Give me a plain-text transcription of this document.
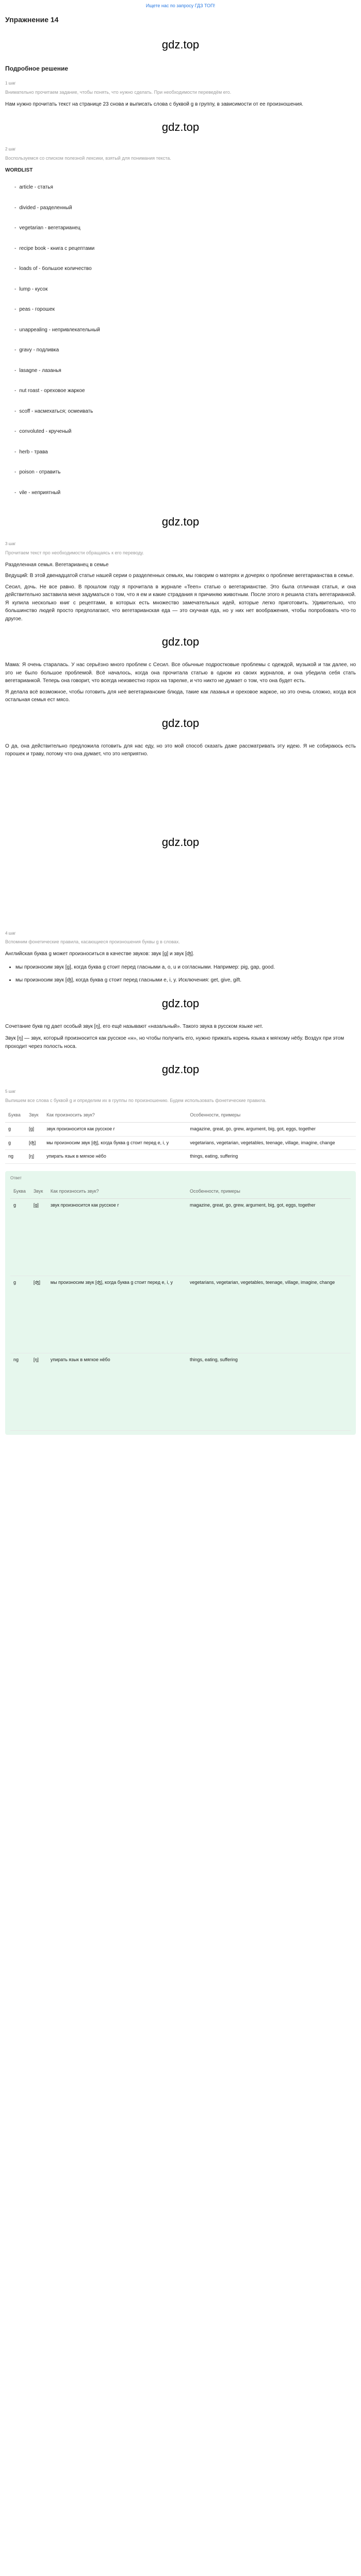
Ищете нас по запросу ГДЗ ТОП!
Упражнение 14
gdz.top
Подробное решение
1 шаг
Внимательно прочитаем задание, чтобы понять, что нужно сделать. При необходимости переведём его.

Нам нужно прочитать текст на странице 23 снова и выписать слова с буквой g в группу, в зависимости от ее произношения.

gdz.top
2 шаг
Воспользуемся со списком полезной лексики, взятый для понимания текста.
WORDLIST
- article - статья
- divided - разделенный
- vegetarian - вегетарианец
- recipe book - книга с рецептами
- loads of - большое количество
- lump - кусок
- peas - горошек
- unappealing - непривлекательный
- gravy - подливка
- lasagne - лазанья
- nut roast - ореховое жаркое
- scoff - насмехаться; осмеивать
- convoluted - крученый
- herb - трава
- poison - отравить
- vile - неприятный
gdz.top
3 шаг
Прочитаем текст про необходимости обращаясь к его переводу.

Разделенная семья. Вегетарианец в семье

Ведущий: В этой двенадцатой статье нашей серии о разделенных семьях, мы говорим о матерях и дочерях о проблеме вегетарианства в семье.

Сесил, дочь. Не все равно. В прошлом году я прочитала в журнале «Teen» статью о вегетарианстве. Это была отличная статья, и она действительно заставила меня задуматься о том, что я ем и какие страдания я причиняю животным. После этого я решила стать вегетарианкой. Я купила несколько книг с рецептами, в которых есть множество замечательных идей, которые легко приготовить. Удивительно, что большинство людей просто предполагают, что вегетарианская еда — это скучная еда, но у них нет воображения, чтобы попробовать что-то другое.

gdz.top

Мама: Я очень старалась. У нас серьёзно много проблем с Сесил. Все обычные подростковые проблемы с одеждой, музыкой и так далее, но это не было большое проблемой. Всё началось, когда она прочитала статью в одном из своих журналов, и она убедила себя стать вегетарианкой. Теперь она говорит, что всегда неизвестно горох на тарелке, и что никто не думает о том, что она будет есть.

Я делала всё возможное, чтобы готовить для неё вегетарианские блюда, такие как лазанья и ореховое жаркое, но это очень сложно, когда вся остальная семья ест мясо.

gdz.top

О да, она действительно предложила готовить для нас еду, но это мой способ сказать даже рассматривать эту идею. Я не собираюсь есть горошек и траву, потому что она думает, что это неприятно.

gdz.top
4 шаг
Вспомним фонетические правила, касающиеся произношения буквы g в словах.

Английская буква g может произноситься в качестве звуков: звук [g] и звук [ʤ].

• мы произносим звук [g], когда буква g стоит перед гласными a, o, u и согласными. Например: pig, gap, good.
• мы произносим звук [ʤ], когда буква g стоит перед гласными e, i, y. Исключения: get, give, gift.
gdz.top

Сочетание букв ng дает особый звук [ŋ], его ещё называют «назальный». Такого звука в русском языке нет.

Звук [ŋ] — звук, который произносится как русское «н», но чтобы получить его, нужно прижать корень языка к мягкому нёбу. Воздух при этом проходит через полость носа.

gdz.top
5 шаг
Выпишем все слова с буквой g и определим их в группы по произношению. Будем использовать фонетические правила.
Буква	Звук	Как произносить звук?	Особенности, примеры
g	[g]	звук произносится как русское г	magazine, great, go, grew, argument, big, got, eggs, together
g	[ʤ]	мы произносим звук [ʤ], когда буква g стоит перед e, i, y	vegetarians, vegetarian, vegetables, teenage, village, imagine, change
ng	[ŋ]	упирать язык в мягкое нёбо	things, eating, suffering
Ответ
Буква	Звук	Как произносить звук?	Особенности, примеры
g	[g]	звук произносится как русское г	magazine, great, go, grew, argument, big, got, eggs, together
g	[ʤ]	мы произносим звук [ʤ], когда буква g стоит перед e, i, y	vegetarians, vegetarian, vegetables, teenage, village, imagine, change
ng	[ŋ]	упирать язык в мягкое нёбо	things, eating, suffering
